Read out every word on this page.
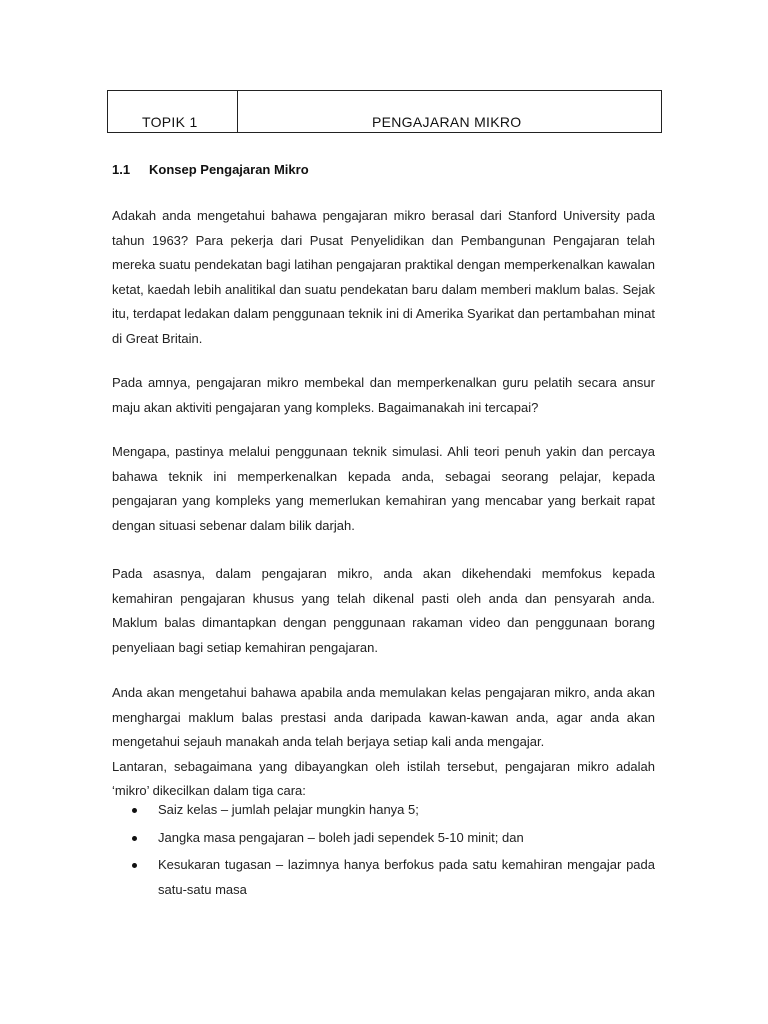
TOPIK 1	PENGAJARAN MIKRO
1.1	Konsep Pengajaran Mikro

Adakah anda mengetahui bahawa pengajaran mikro berasal dari Stanford University pada tahun 1963? Para pekerja dari Pusat Penyelidikan dan Pembangunan Pengajaran telah mereka suatu pendekatan bagi latihan pengajaran praktikal dengan memperkenalkan kawalan ketat, kaedah lebih analitikal dan suatu pendekatan baru dalam memberi maklum balas. Sejak itu, terdapat ledakan dalam penggunaan teknik ini di Amerika Syarikat dan pertambahan minat di Great Britain.

Pada amnya, pengajaran mikro membekal dan memperkenalkan guru pelatih secara ansur maju akan aktiviti pengajaran yang kompleks. Bagaimanakah ini tercapai?

Mengapa, pastinya melalui penggunaan teknik simulasi. Ahli teori penuh yakin dan percaya bahawa teknik ini memperkenalkan kepada anda, sebagai seorang pelajar, kepada pengajaran yang kompleks yang memerlukan kemahiran yang mencabar yang berkait rapat dengan situasi sebenar dalam bilik darjah.

Pada asasnya, dalam pengajaran mikro, anda akan dikehendaki memfokus kepada kemahiran pengajaran khusus yang telah dikenal pasti oleh anda dan pensyarah anda. Maklum balas dimantapkan dengan penggunaan rakaman video dan penggunaan borang penyeliaan bagi setiap kemahiran pengajaran.

Anda akan mengetahui bahawa apabila anda memulakan kelas pengajaran mikro, anda akan menghargai maklum balas prestasi anda daripada kawan-kawan anda, agar anda akan mengetahui sejauh manakah anda telah berjaya setiap kali anda mengajar.

Lantaran, sebagaimana yang dibayangkan oleh istilah tersebut, pengajaran mikro adalah ‘mikro’ dikecilkan dalam tiga cara:

Saiz kelas – jumlah pelajar mungkin hanya 5;
Jangka masa pengajaran – boleh jadi sependek 5-10 minit; dan
Kesukaran tugasan – lazimnya hanya berfokus pada satu kemahiran mengajar pada satu-satu masa
